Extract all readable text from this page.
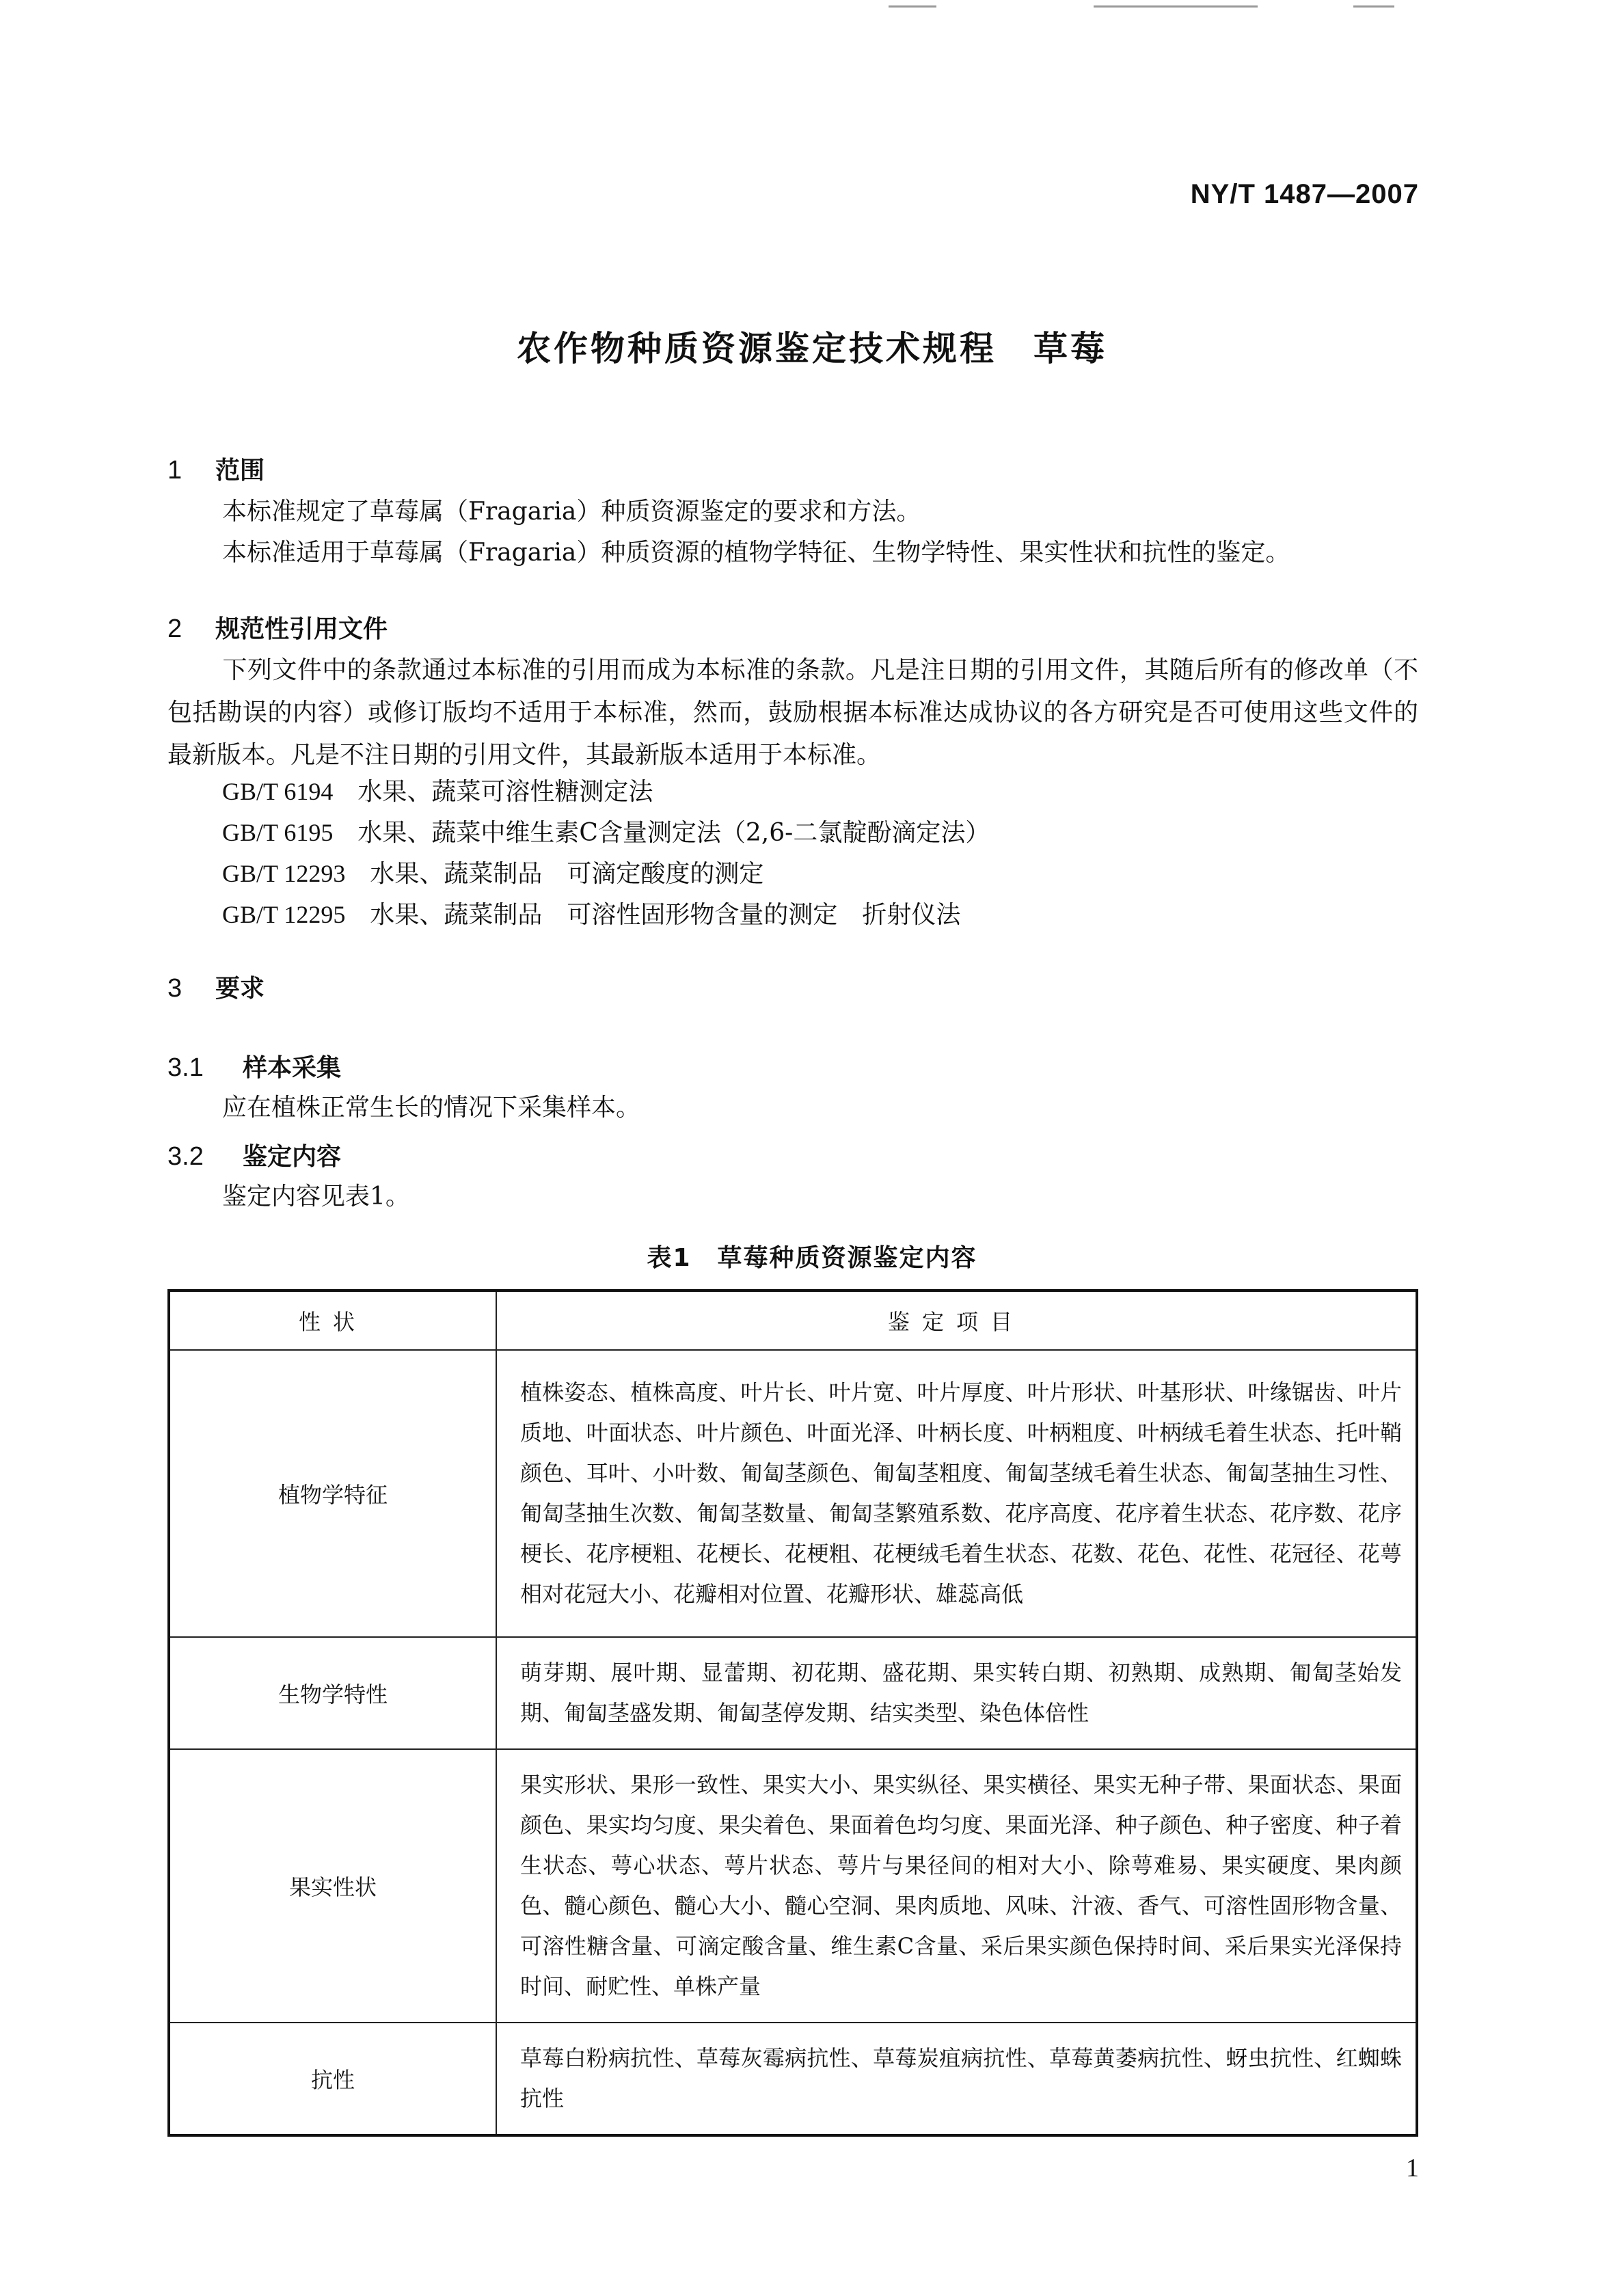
NY/T 1487—2007
农作物种质资源鉴定技术规程　草莓
1 范围
本标准规定了草莓属（Fragaria）种质资源鉴定的要求和方法。
本标准适用于草莓属（Fragaria）种质资源的植物学特征、生物学特性、果实性状和抗性的鉴定。
2 规范性引用文件
下列文件中的条款通过本标准的引用而成为本标准的条款。凡是注日期的引用文件，其随后所有的修改单（不包括勘误的内容）或修订版均不适用于本标准，然而，鼓励根据本标准达成协议的各方研究是否可使用这些文件的最新版本。凡是不注日期的引用文件，其最新版本适用于本标准。
GB/T 6194 水果、蔬菜可溶性糖测定法
GB/T 6195 水果、蔬菜中维生素C含量测定法（2,6-二氯靛酚滴定法）
GB/T 12293 水果、蔬菜制品　可滴定酸度的测定
GB/T 12295 水果、蔬菜制品　可溶性固形物含量的测定　折射仪法
3 要求
3.1 样本采集
应在植株正常生长的情况下采集样本。
3.2 鉴定内容
鉴定内容见表1。
表1　草莓种质资源鉴定内容
性状	鉴定项目
植物学特征	植株姿态、植株高度、叶片长、叶片宽、叶片厚度、叶片形状、叶基形状、叶缘锯齿、叶片质地、叶面状态、叶片颜色、叶面光泽、叶柄长度、叶柄粗度、叶柄绒毛着生状态、托叶鞘颜色、耳叶、小叶数、匍匐茎颜色、匍匐茎粗度、匍匐茎绒毛着生状态、匍匐茎抽生习性、匍匐茎抽生次数、匍匐茎数量、匍匐茎繁殖系数、花序高度、花序着生状态、花序数、花序梗长、花序梗粗、花梗长、花梗粗、花梗绒毛着生状态、花数、花色、花性、花冠径、花萼相对花冠大小、花瓣相对位置、花瓣形状、雄蕊高低
生物学特性	萌芽期、展叶期、显蕾期、初花期、盛花期、果实转白期、初熟期、成熟期、匍匐茎始发期、匍匐茎盛发期、匍匐茎停发期、结实类型、染色体倍性
果实性状	果实形状、果形一致性、果实大小、果实纵径、果实横径、果实无种子带、果面状态、果面颜色、果实均匀度、果尖着色、果面着色均匀度、果面光泽、种子颜色、种子密度、种子着生状态、萼心状态、萼片状态、萼片与果径间的相对大小、除萼难易、果实硬度、果肉颜色、髓心颜色、髓心大小、髓心空洞、果肉质地、风味、汁液、香气、可溶性固形物含量、可溶性糖含量、可滴定酸含量、维生素C含量、采后果实颜色保持时间、采后果实光泽保持时间、耐贮性、单株产量
抗性	草莓白粉病抗性、草莓灰霉病抗性、草莓炭疽病抗性、草莓黄萎病抗性、蚜虫抗性、红蜘蛛抗性
1
